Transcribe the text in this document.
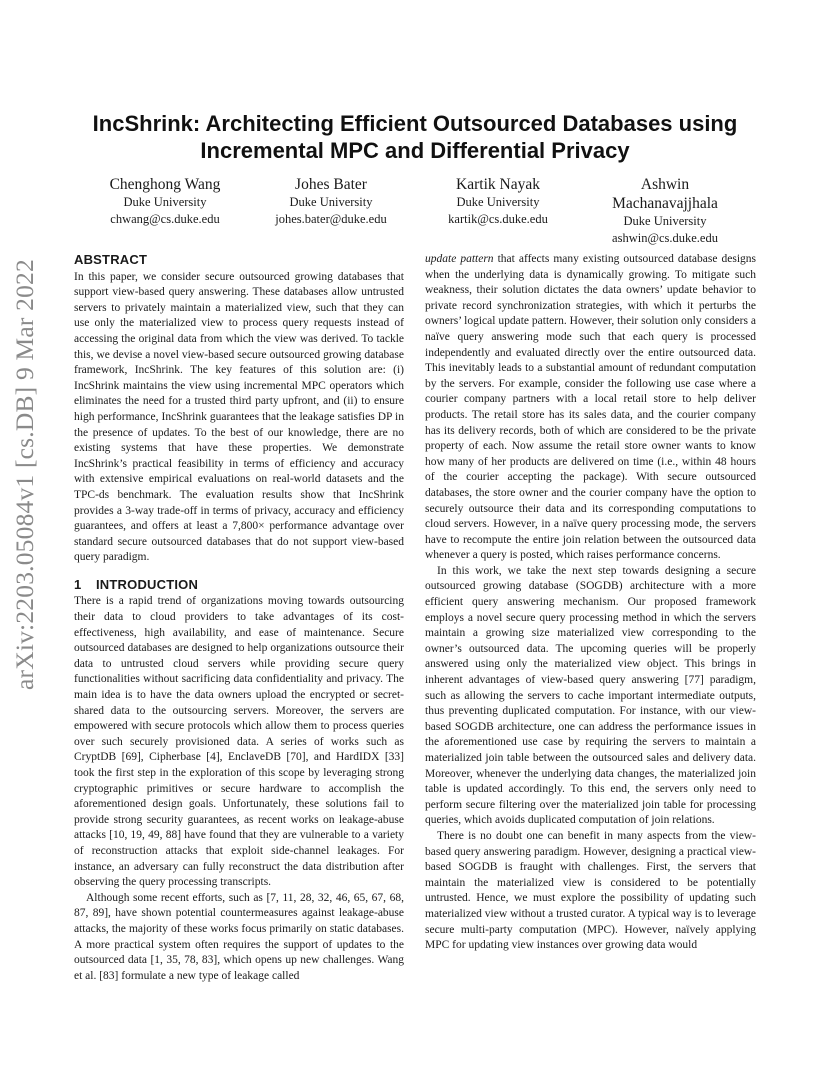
arXiv:2203.05084v1 [cs.DB] 9 Mar 2022
IncShrink: Architecting Efficient Outsourced Databases using
Incremental MPC and Differential Privacy
Chenghong Wang
Duke University
chwang@cs.duke.edu
Johes Bater
Duke University
johes.bater@duke.edu
Kartik Nayak
Duke University
kartik@cs.duke.edu
Ashwin
Machanavajjhala
Duke University
ashwin@cs.duke.edu
ABSTRACT

In this paper, we consider secure outsourced growing databases that support view-based query answering. These databases allow untrusted servers to privately maintain a materialized view, such that they can use only the materialized view to process query requests instead of accessing the original data from which the view was derived. To tackle this, we devise a novel view-based secure outsourced growing database framework, IncShrink. The key features of this solution are: (i) IncShrink maintains the view using incremental MPC operators which eliminates the need for a trusted third party upfront, and (ii) to ensure high performance, IncShrink guarantees that the leakage satisfies DP in the presence of updates. To the best of our knowledge, there are no existing systems that have these properties. We demonstrate IncShrink’s practical feasibility in terms of efficiency and accuracy with extensive empirical evaluations on real-world datasets and the TPC-ds benchmark. The evaluation results show that IncShrink provides a 3-way trade-off in terms of privacy, accuracy and efficiency guarantees, and offers at least a 7,800× performance advantage over standard secure outsourced databases that do not support view-based query paradigm.

1 INTRODUCTION

There is a rapid trend of organizations moving towards outsourcing their data to cloud providers to take advantages of its cost-effectiveness, high availability, and ease of maintenance. Secure outsourced databases are designed to help organizations outsource their data to untrusted cloud servers while providing secure query functionalities without sacrificing data confidentiality and privacy. The main idea is to have the data owners upload the encrypted or secret-shared data to the outsourcing servers. Moreover, the servers are empowered with secure protocols which allow them to process queries over such securely provisioned data. A series of works such as CryptDB [69], Cipherbase [4], EnclaveDB [70], and HardIDX [33] took the first step in the exploration of this scope by leveraging strong cryptographic primitives or secure hardware to accomplish the aforementioned design goals. Unfortunately, these solutions fail to provide strong security guarantees, as recent works on leakage-abuse attacks [10, 19, 49, 88] have found that they are vulnerable to a variety of reconstruction attacks that exploit side-channel leakages. For instance, an adversary can fully reconstruct the data distribution after observing the query processing transcripts.

Although some recent efforts, such as [7, 11, 28, 32, 46, 65, 67, 68, 87, 89], have shown potential countermeasures against leakage-abuse attacks, the majority of these works focus primarily on static databases. A more practical system often requires the support of updates to the outsourced data [1, 35, 78, 83], which opens up new challenges. Wang et al. [83] formulate a new type of leakage called

update pattern that affects many existing outsourced database designs when the underlying data is dynamically growing. To mitigate such weakness, their solution dictates the data owners’ update behavior to private record synchronization strategies, with which it perturbs the owners’ logical update pattern. However, their solution only considers a naïve query answering mode such that each query is processed independently and evaluated directly over the entire outsourced data. This inevitably leads to a substantial amount of redundant computation by the servers. For example, consider the following use case where a courier company partners with a local retail store to help deliver products. The retail store has its sales data, and the courier company has its delivery records, both of which are considered to be the private property of each. Now assume the retail store owner wants to know how many of her products are delivered on time (i.e., within 48 hours of the courier accepting the package). With secure outsourced databases, the store owner and the courier company have the option to securely outsource their data and its corresponding computations to cloud servers. However, in a naïve query processing mode, the servers have to recompute the entire join relation between the outsourced data whenever a query is posted, which raises performance concerns.

In this work, we take the next step towards designing a secure outsourced growing database (SOGDB) architecture with a more efficient query answering mechanism. Our proposed framework employs a novel secure query processing method in which the servers maintain a growing size materialized view corresponding to the owner’s outsourced data. The upcoming queries will be properly answered using only the materialized view object. This brings in inherent advantages of view-based query answering [77] paradigm, such as allowing the servers to cache important intermediate outputs, thus preventing duplicated computation. For instance, with our view-based SOGDB architecture, one can address the performance issues in the aforementioned use case by requiring the servers to maintain a materialized join table between the outsourced sales and delivery data. Moreover, whenever the underlying data changes, the materialized join table is updated accordingly. To this end, the servers only need to perform secure filtering over the materialized join table for processing queries, which avoids duplicated computation of join relations.

There is no doubt one can benefit in many aspects from the view-based query answering paradigm. However, designing a practical view-based SOGDB is fraught with challenges. First, the servers that maintain the materialized view is considered to be potentially untrusted. Hence, we must explore the possibility of updating such materialized view without a trusted curator. A typical way is to leverage secure multi-party computation (MPC). However, naïvely applying MPC for updating view instances over growing data would
